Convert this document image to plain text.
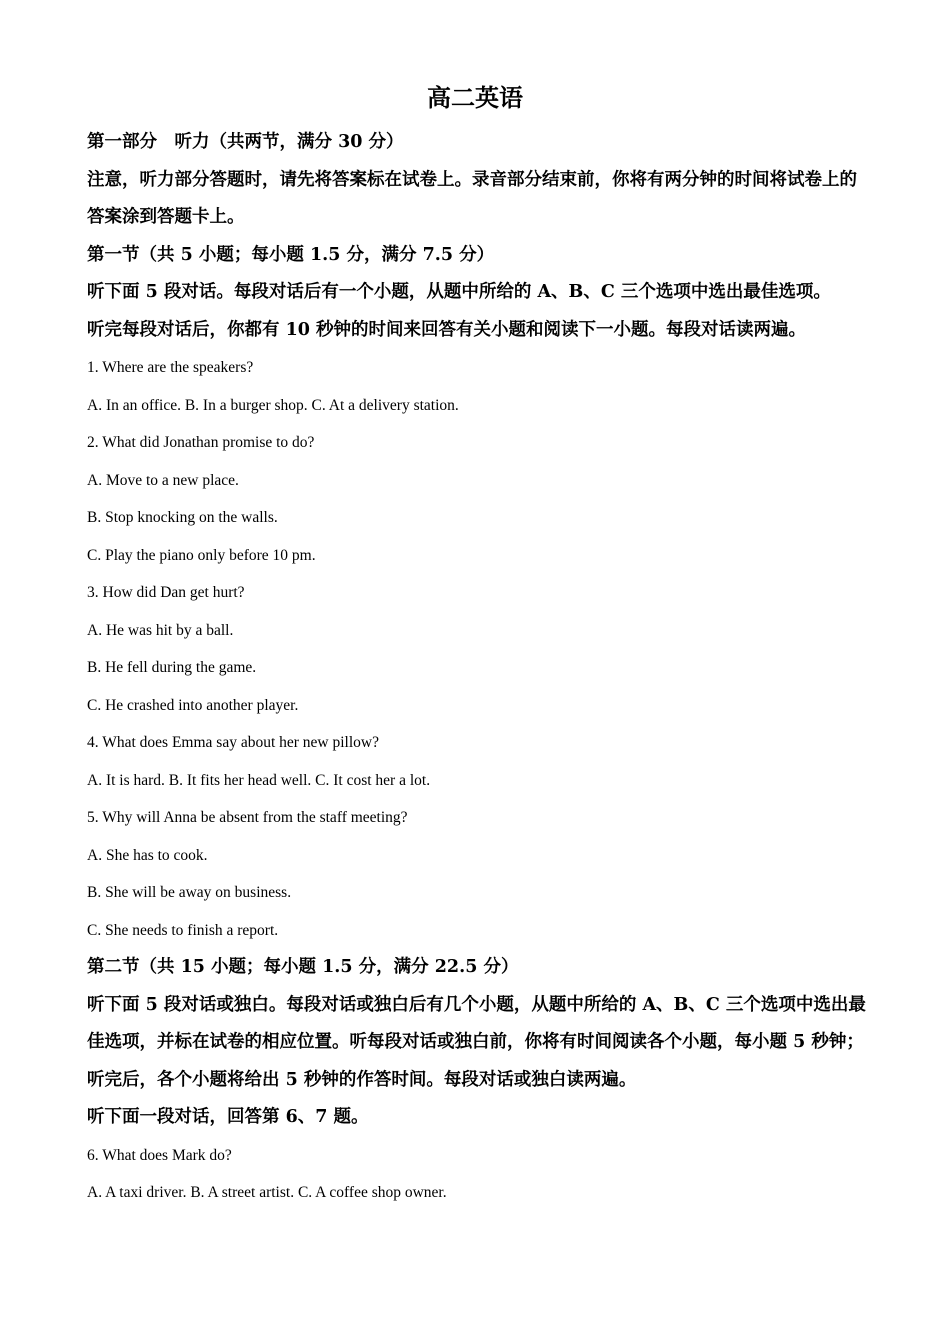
高二英语

第一部分　听力（共两节，满分 30 分）

注意，听力部分答题时，请先将答案标在试卷上。录音部分结束前，你将有两分钟的时间将试卷上的答案涂到答题卡上。

第一节（共 5 小题；每小题 1.5 分，满分 7.5 分）

听下面 5 段对话。每段对话后有一个小题，从题中所给的 A、B、C 三个选项中选出最佳选项。

听完每段对话后，你都有 10 秒钟的时间来回答有关小题和阅读下一小题。每段对话读两遍。

1. Where are the speakers?

A. In an office. B. In a burger shop. C. At a delivery station.

2. What did Jonathan promise to do?

A. Move to a new place.

B. Stop knocking on the walls.

C. Play the piano only before 10 pm.

3. How did Dan get hurt?

A. He was hit by a ball.

B. He fell during the game.

C. He crashed into another player.

4. What does Emma say about her new pillow?

A. It is hard. B. It fits her head well. C. It cost her a lot.

5. Why will Anna be absent from the staff meeting?

A. She has to cook.

B. She will be away on business.

C. She needs to finish a report.

第二节（共 15 小题；每小题 1.5 分，满分 22.5 分）

听下面 5 段对话或独白。每段对话或独白后有几个小题，从题中所给的 A、B、C 三个选项中选出最佳选项，并标在试卷的相应位置。听每段对话或独白前，你将有时间阅读各个小题，每小题 5 秒钟；听完后，各个小题将给出 5 秒钟的作答时间。每段对话或独白读两遍。

听下面一段对话，回答第 6、7 题。

6. What does Mark do?

A. A taxi driver. B. A street artist. C. A coffee shop owner.
